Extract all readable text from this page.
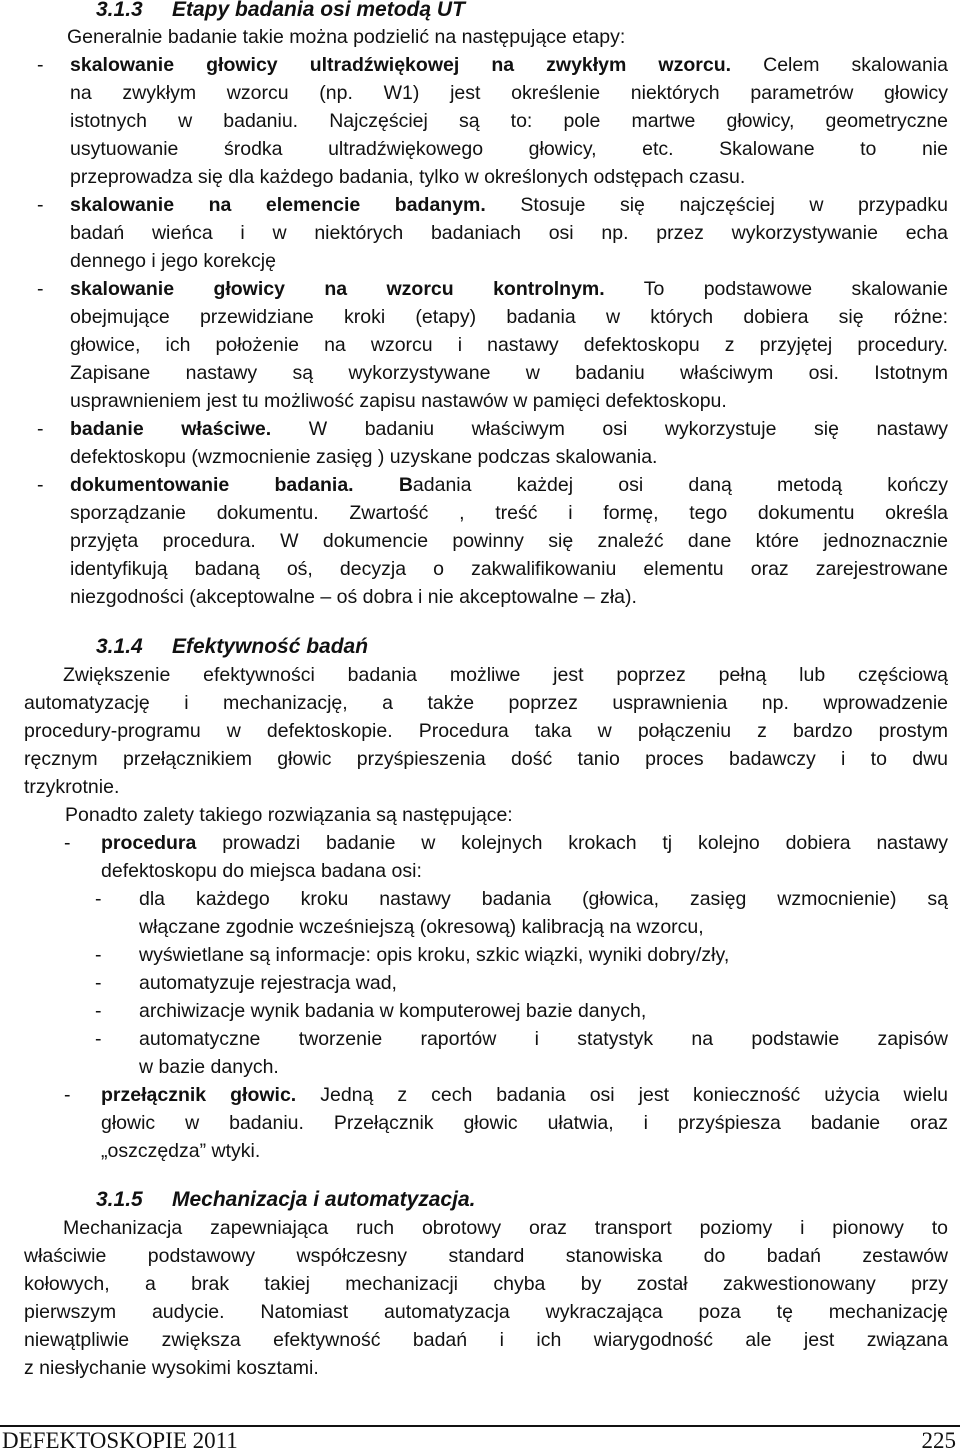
3.1.3 Etapy badania osi metodą UT
Generalnie badanie takie można podzielić na następujące etapy:
- skalowanie głowicy ultradźwiękowej na zwykłym wzorcu. Celem skalowania
na zwykłym wzorcu (np. W1) jest określenie niektórych parametrów głowicy
istotnych w badaniu. Najczęściej są to: pole martwe głowicy, geometryczne
usytuowanie środka ultradźwiękowego głowicy, etc. Skalowane to nie
przeprowadza się dla każdego badania, tylko w określonych odstępach czasu.
- skalowanie na elemencie badanym. Stosuje się najczęściej w przypadku
badań wieńca i w niektórych badaniach osi np. przez wykorzystywanie echa
dennego i jego korekcję
- skalowanie głowicy na wzorcu kontrolnym. To podstawowe skalowanie
obejmujące przewidziane kroki (etapy) badania w których dobiera się różne:
głowice, ich położenie na wzorcu i nastawy defektoskopu z przyjętej procedury.
Zapisane nastawy są wykorzystywane w badaniu właściwym osi. Istotnym
usprawnieniem jest tu możliwość zapisu nastawów w pamięci defektoskopu.
- badanie właściwe. W badaniu właściwym osi wykorzystuje się nastawy
defektoskopu (wzmocnienie zasięg ) uzyskane podczas skalowania.
- dokumentowanie badania. Badania każdej osi daną metodą kończy
sporządzanie dokumentu. Zwartość , treść i formę, tego dokumentu określa
przyjęta procedura. W dokumencie powinny się znaleźć dane które jednoznacznie
identyfikują badaną oś, decyzja o zakwalifikowaniu elementu oraz zarejestrowane
niezgodności (akceptowalne – oś dobra i nie akceptowalne – zła).
3.1.4 Efektywność badań
Zwiększenie efektywności badania możliwe jest poprzez pełną lub częściową
automatyzację i mechanizację, a także poprzez usprawnienia np. wprowadzenie
procedury-programu w defektoskopie. Procedura taka w połączeniu z bardzo prostym
ręcznym przełącznikiem głowic przyśpieszenia dość tanio proces badawczy i to dwu
trzykrotnie.
Ponadto zalety takiego rozwiązania są następujące:
- procedura prowadzi badanie w kolejnych krokach tj kolejno dobiera nastawy
defektoskopu do miejsca badana osi:
- dla każdego kroku nastawy badania (głowica, zasięg wzmocnienie) są
włączane zgodnie wcześniejszą (okresową) kalibracją na wzorcu,
- wyświetlane są informacje: opis kroku, szkic wiązki, wyniki dobry/zły,
- automatyzuje rejestracja wad,
- archiwizacje wynik badania w komputerowej bazie danych,
- automatyczne tworzenie raportów i statystyk na podstawie zapisów
w bazie danych.
- przełącznik głowic. Jedną z cech badania osi jest konieczność użycia wielu
głowic w badaniu. Przełącznik głowic ułatwia, i przyśpiesza badanie oraz
„oszczędza” wtyki.
3.1.5 Mechanizacja i automatyzacja.
Mechanizacja zapewniająca ruch obrotowy oraz transport poziomy i pionowy to
właściwie podstawowy współczesny standard stanowiska do badań zestawów
kołowych, a brak takiej mechanizacji chyba by został zakwestionowany przy
pierwszym audycie. Natomiast automatyzacja wykraczająca poza tę mechanizację
niewątpliwie zwiększa efektywność badań i ich wiarygodność ale jest związana
z niesłychanie wysokimi kosztami.
DEFEKTOSKOPIE 2011	225
